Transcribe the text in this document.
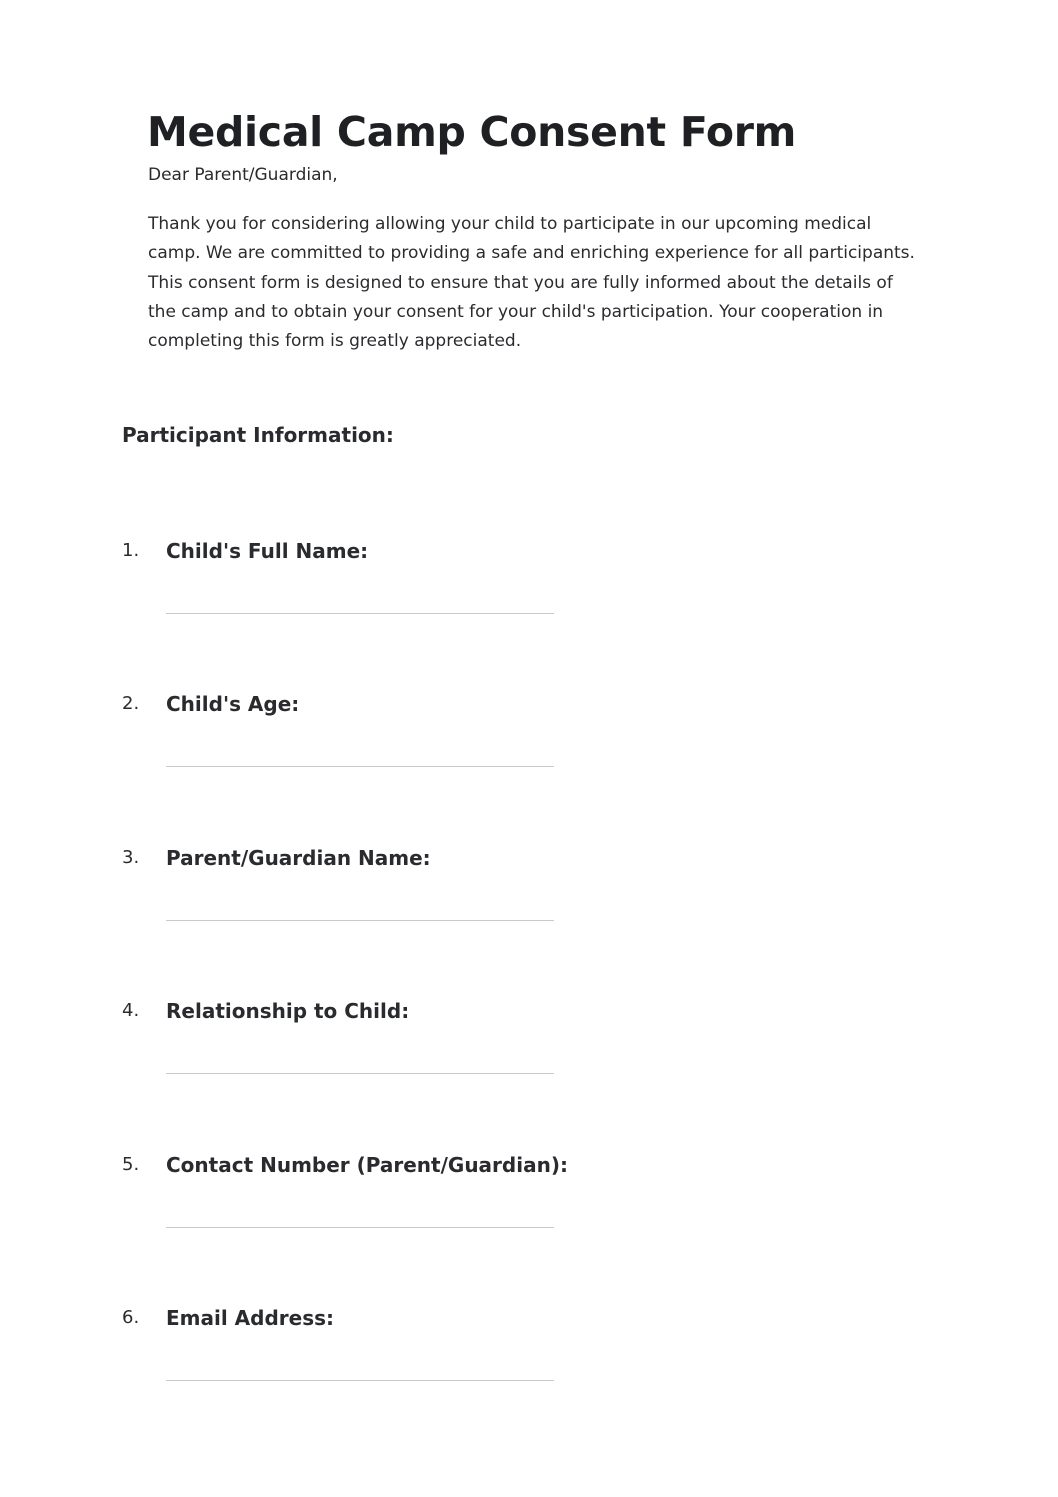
Medical Camp Consent Form
Dear Parent/Guardian,

Thank you for considering allowing your child to participate in our upcoming medical camp. We are committed to providing a safe and enriching experience for all participants. This consent form is designed to ensure that you are fully informed about the details of the camp and to obtain your consent for your child's participation. Your cooperation in completing this form is greatly appreciated.

Participant Information:
1. Child's Full Name:
2. Child's Age:
3. Parent/Guardian Name:
4. Relationship to Child:
5. Contact Number (Parent/Guardian):
6. Email Address:
